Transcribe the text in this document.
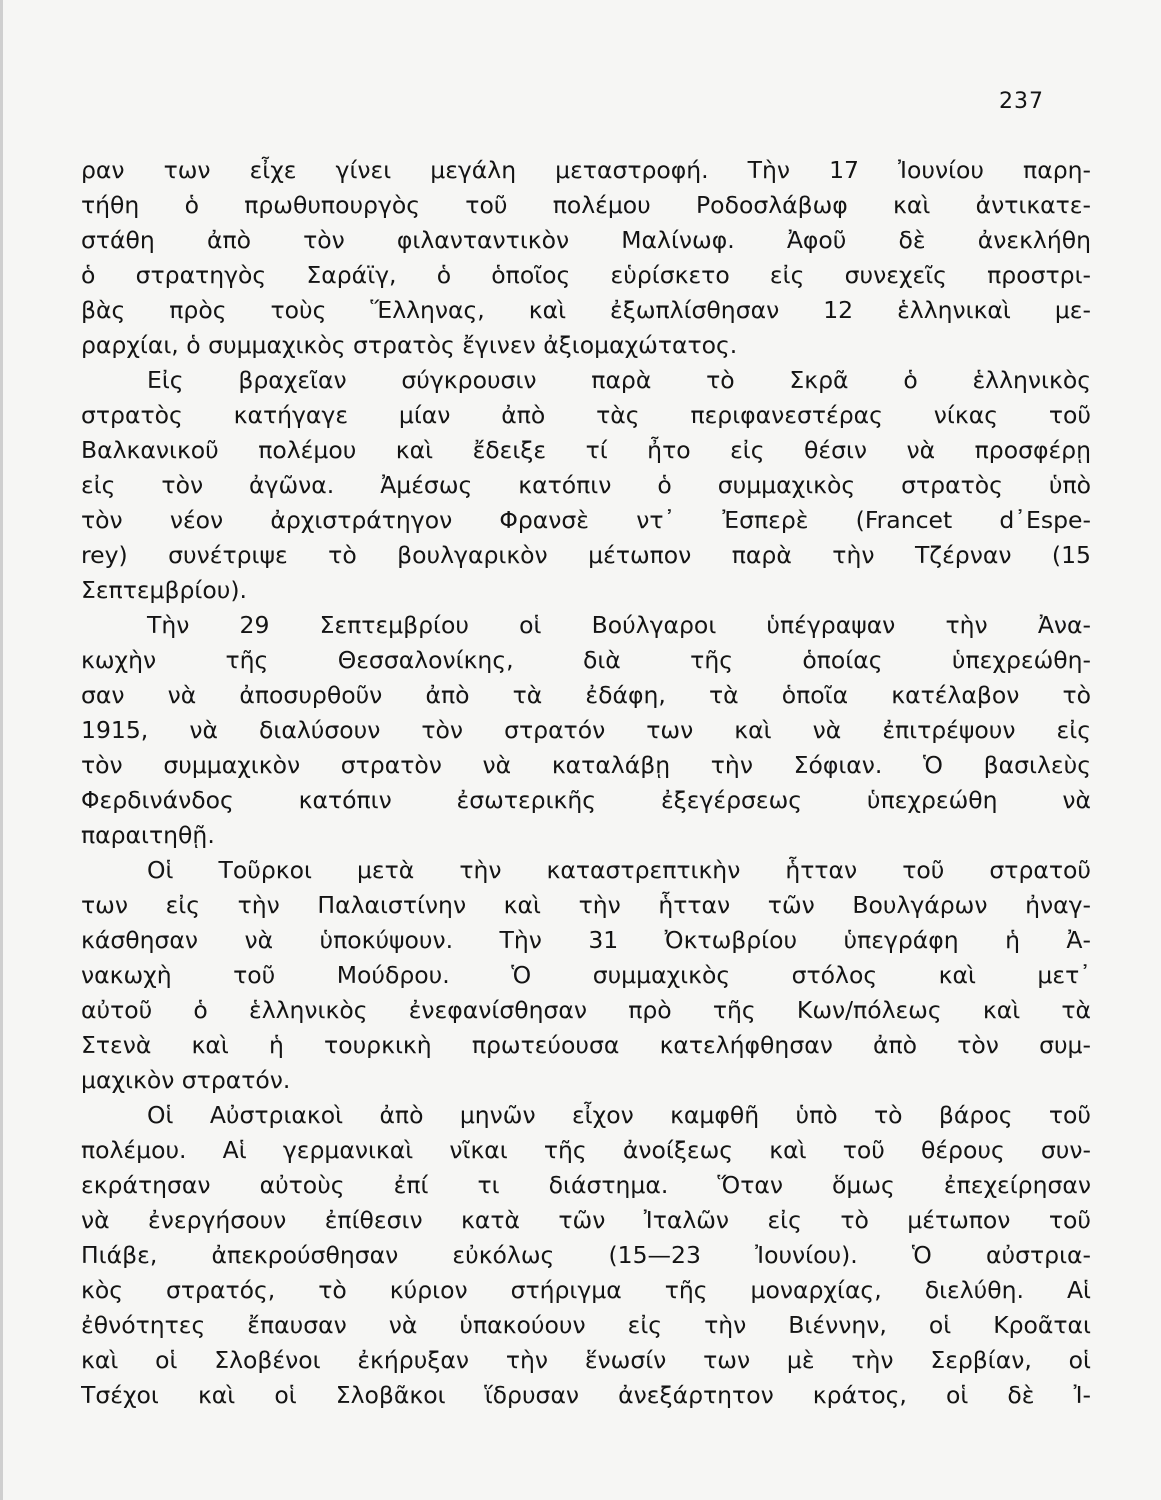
237
ραν των εἶχε γίνει μεγάλη μεταστροφή. Τὴν 17 Ἰουνίου παρη-
τήθη ὁ πρωθυπουργὸς τοῦ πολέμου Ροδοσλάβωφ καὶ ἀντικατε-
στάθη ἀπὸ τὸν φιλανταντικὸν Μαλίνωφ. Ἀφοῦ δὲ ἀνεκλήθη
ὁ στρατηγὸς Σαράϊγ, ὁ ὁποῖος εὑρίσκετο εἰς συνεχεῖς προστρι-
βὰς πρὸς τοὺς Ἕλληνας, καὶ ἐξωπλίσθησαν 12 ἑλληνικαὶ με-
ραρχίαι, ὁ συμμαχικὸς στρατὸς ἔγινεν ἀξιομαχώτατος.
Εἰς βραχεῖαν σύγκρουσιν παρὰ τὸ Σκρᾶ ὁ ἑλληνικὸς
στρατὸς κατήγαγε μίαν ἀπὸ τὰς περιφανεστέρας νίκας τοῦ
Βαλκανικοῦ πολέμου καὶ ἔδειξε τί ἦτο εἰς θέσιν νὰ προσφέρῃ
εἰς τὸν ἀγῶνα. Ἀμέσως κατόπιν ὁ συμμαχικὸς στρατὸς ὑπὸ
τὸν νέον ἀρχιστράτηγον Φρανσὲ ντ᾽ Ἐσπερὲ (Francet d᾽Espe-
rey) συνέτριψε τὸ βουλγαρικὸν μέτωπον παρὰ τὴν Τζέρναν (15
Σεπτεμβρίου).
Τὴν 29 Σεπτεμβρίου οἱ Βούλγαροι ὑπέγραψαν τὴν Ἀνα-
κωχὴν τῆς Θεσσαλονίκης, διὰ τῆς ὁποίας ὑπεχρεώθη-
σαν νὰ ἀποσυρθοῦν ἀπὸ τὰ ἐδάφη, τὰ ὁποῖα κατέλαβον τὸ
1915, νὰ διαλύσουν τὸν στρατόν των καὶ νὰ ἐπιτρέψουν εἰς
τὸν συμμαχικὸν στρατὸν νὰ καταλάβῃ τὴν Σόφιαν. Ὁ βασιλεὺς
Φερδινάνδος κατόπιν ἐσωτερικῆς ἐξεγέρσεως ὑπεχρεώθη νὰ
παραιτηθῇ.
Οἱ Τοῦρκοι μετὰ τὴν καταστρεπτικὴν ἧτταν τοῦ στρατοῦ
των εἰς τὴν Παλαιστίνην καὶ τὴν ἧτταν τῶν Βουλγάρων ἠναγ-
κάσθησαν νὰ ὑποκύψουν. Τὴν 31 Ὀκτωβρίου ὑπεγράφη ἡ Ἀ-
νακωχὴ τοῦ Μούδρου. Ὁ συμμαχικὸς στόλος καὶ μετ᾽
αὐτοῦ ὁ ἑλληνικὸς ἐνεφανίσθησαν πρὸ τῆς Κων/πόλεως καὶ τὰ
Στενὰ καὶ ἡ τουρκικὴ πρωτεύουσα κατελήφθησαν ἀπὸ τὸν συμ-
μαχικὸν στρατόν.
Οἱ Αὐστριακοὶ ἀπὸ μηνῶν εἶχον καμφθῆ ὑπὸ τὸ βάρος τοῦ
πολέμου. Αἱ γερμανικαὶ νῖκαι τῆς ἀνοίξεως καὶ τοῦ θέρους συν-
εκράτησαν αὐτοὺς ἐπί τι διάστημα. Ὅταν ὅμως ἐπεχείρησαν
νὰ ἐνεργήσουν ἐπίθεσιν κατὰ τῶν Ἰταλῶν εἰς τὸ μέτωπον τοῦ
Πιάβε, ἀπεκρούσθησαν εὐκόλως (15—23 Ἰουνίου). Ὁ αὐστρια-
κὸς στρατός, τὸ κύριον στήριγμα τῆς μοναρχίας, διελύθη. Αἱ
ἐθνότητες ἔπαυσαν νὰ ὑπακούουν εἰς τὴν Βιέννην, οἱ Κροᾶται
καὶ οἱ Σλοβένοι ἐκήρυξαν τὴν ἕνωσίν των μὲ τὴν Σερβίαν, οἱ
Τσέχοι καὶ οἱ Σλοβᾶκοι ἵδρυσαν ἀνεξάρτητον κράτος, οἱ δὲ Ἰ-
